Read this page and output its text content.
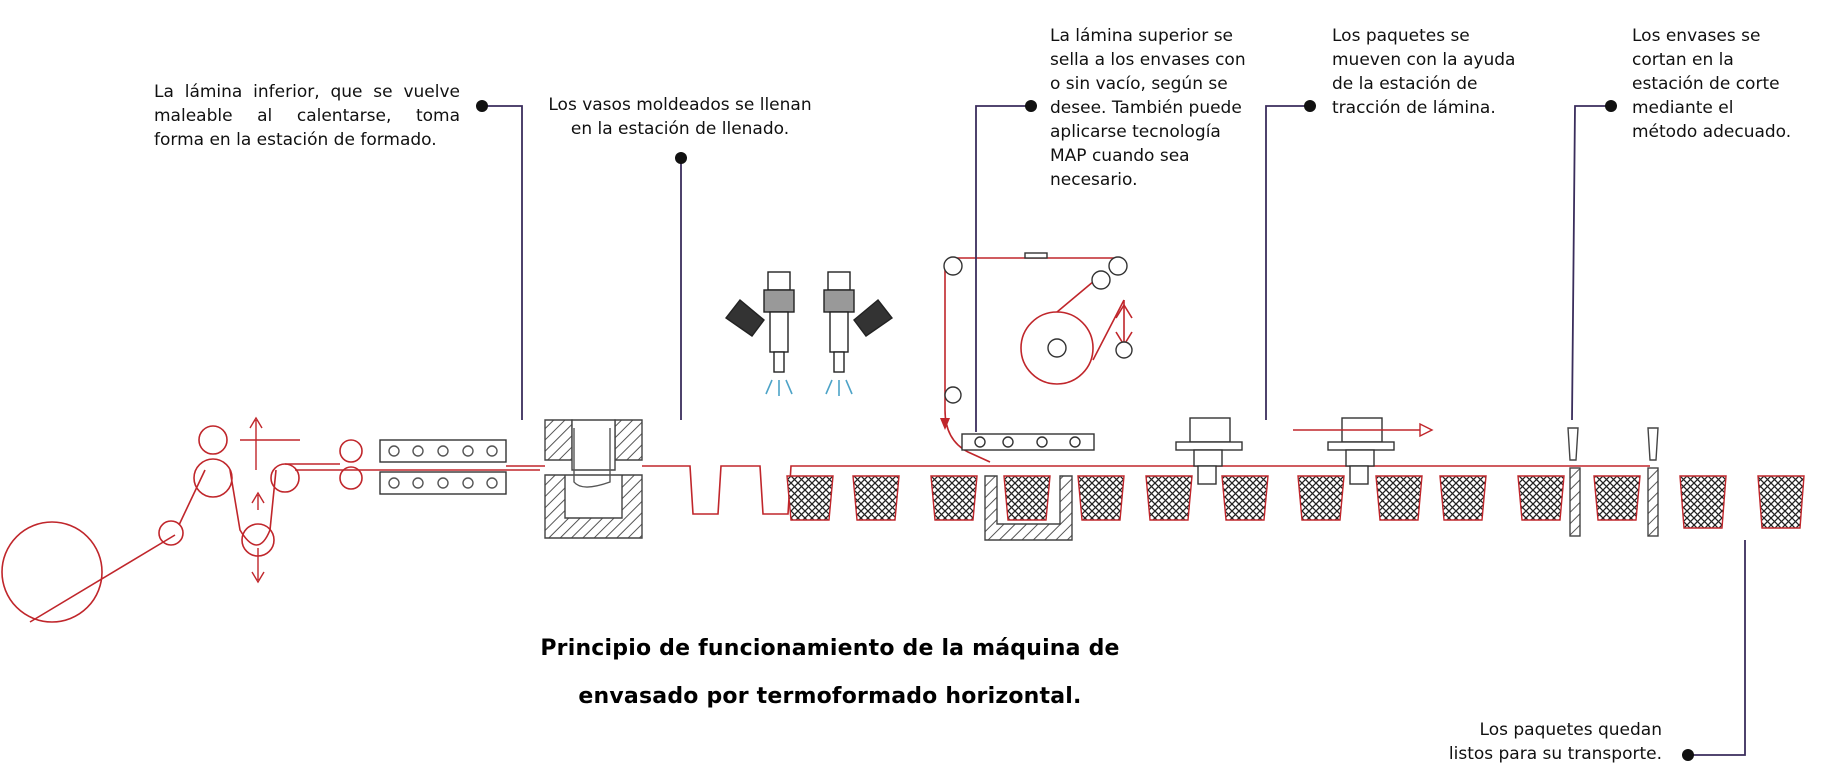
La lámina inferior, que se vuelve
maleable al calentarse, toma
forma en la estación de formado.
Los vasos moldeados se llenan
en la estación de llenado.
La lámina superior se
sella a los envases con
o sin vacío, según se
desee. También puede
aplicarse tecnología
MAP cuando sea
necesario.
Los paquetes se
mueven con la ayuda
de la estación de
tracción de lámina.
Los envases se
cortan en la
estación de corte
mediante el
método adecuado.
Los paquetes quedan
listos para su transporte.
Principio de funcionamiento de la máquina de
envasado por termoformado horizontal.
